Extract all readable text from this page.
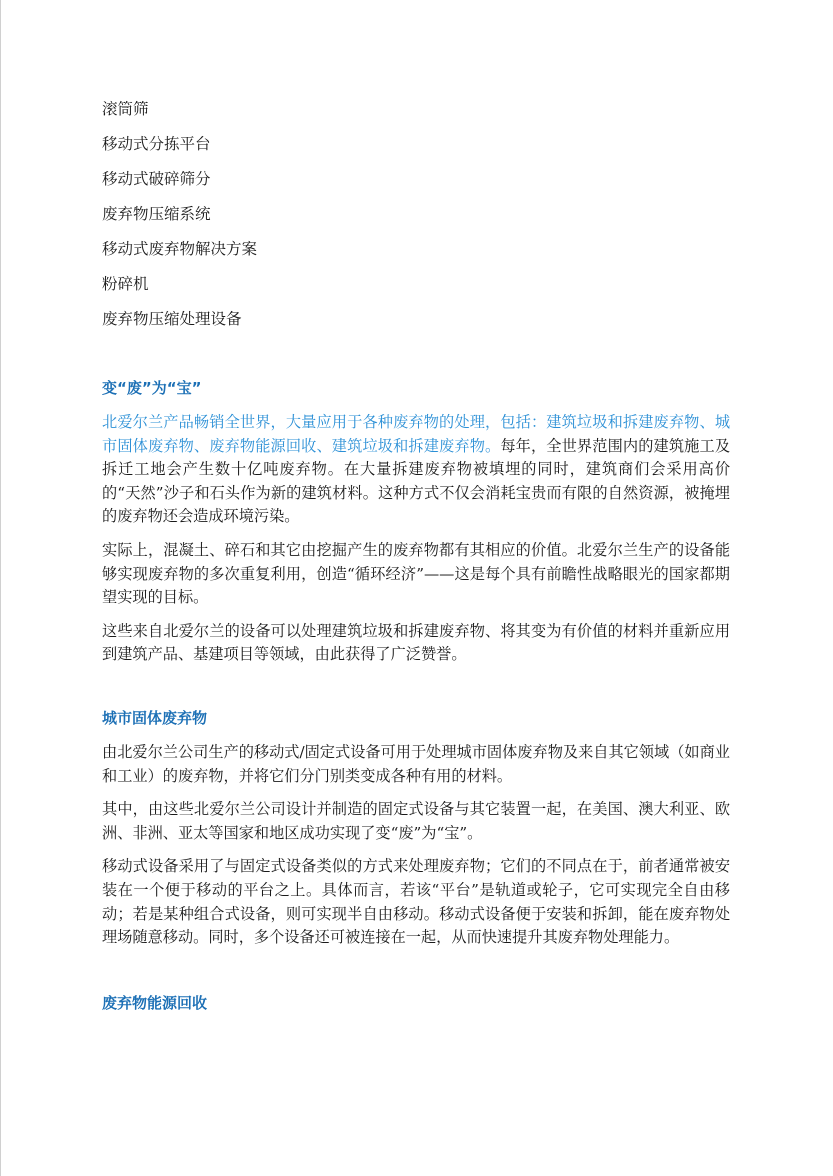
滚筒筛
移动式分拣平台
移动式破碎筛分
废弃物压缩系统
移动式废弃物解决方案
粉碎机
废弃物压缩处理设备
变“废”为“宝”

北爱尔兰产品畅销全世界，大量应用于各种废弃物的处理，包括：建筑垃圾和拆建废弃物、城市固体废弃物、废弃物能源回收、建筑垃圾和拆建废弃物。每年，全世界范围内的建筑施工及拆迁工地会产生数十亿吨废弃物。在大量拆建废弃物被填埋的同时，建筑商们会采用高价的“天然”沙子和石头作为新的建筑材料。这种方式不仅会消耗宝贵而有限的自然资源，被掩埋的废弃物还会造成环境污染。

实际上，混凝土、碎石和其它由挖掘产生的废弃物都有其相应的价值。北爱尔兰生产的设备能够实现废弃物的多次重复利用，创造“循环经济”——这是每个具有前瞻性战略眼光的国家都期望实现的目标。

这些来自北爱尔兰的设备可以处理建筑垃圾和拆建废弃物、将其变为有价值的材料并重新应用到建筑产品、基建项目等领域，由此获得了广泛赞誉。

城市固体废弃物

由北爱尔兰公司生产的移动式/固定式设备可用于处理城市固体废弃物及来自其它领域（如商业和工业）的废弃物，并将它们分门别类变成各种有用的材料。

其中，由这些北爱尔兰公司设计并制造的固定式设备与其它装置一起，在美国、澳大利亚、欧洲、非洲、亚太等国家和地区成功实现了变“废”为“宝”。

移动式设备采用了与固定式设备类似的方式来处理废弃物；它们的不同点在于，前者通常被安装在一个便于移动的平台之上。具体而言，若该“平台”是轨道或轮子，它可实现完全自由移动；若是某种组合式设备，则可实现半自由移动。移动式设备便于安装和拆卸，能在废弃物处理场随意移动。同时，多个设备还可被连接在一起，从而快速提升其废弃物处理能力。

废弃物能源回收
